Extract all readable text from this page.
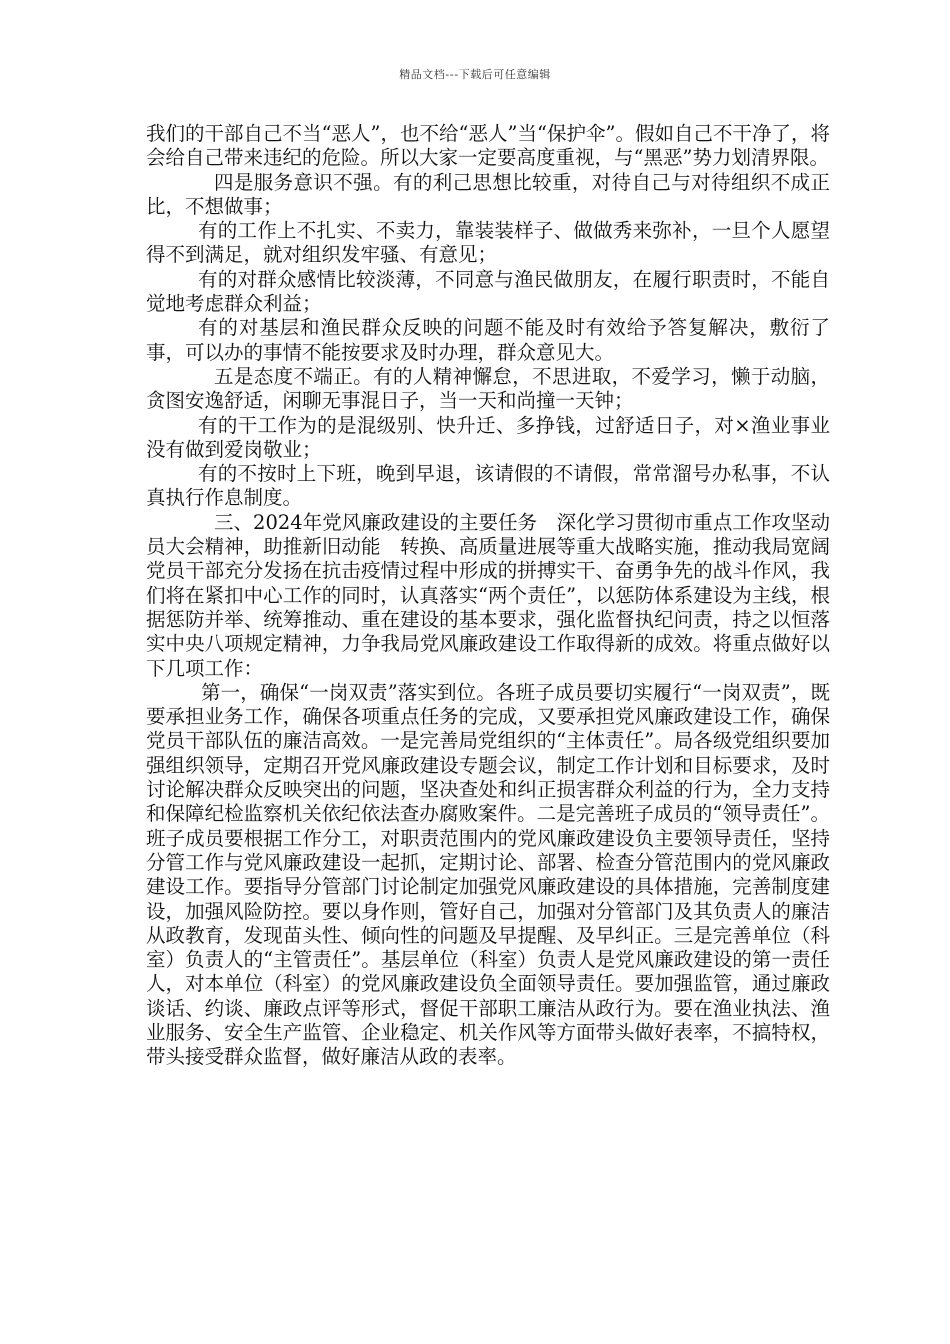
精品文档---下载后可任意编辑

我们的干部自己不当“恶人”，也不给“恶人”当“保护伞”。假如自己不干净了，将会给自己带来违纪的危险。所以大家一定要高度重视，与“黑恶”势力划清界限。

四是服务意识不强。有的利己思想比较重，对待自己与对待组织不成正比，不想做事；

有的工作上不扎实、不卖力，靠装装样子、做做秀来弥补，一旦个人愿望得不到满足，就对组织发牢骚、有意见；

有的对群众感情比较淡薄，不同意与渔民做朋友，在履行职责时，不能自觉地考虑群众利益；

有的对基层和渔民群众反映的问题不能及时有效给予答复解决，敷衍了事，可以办的事情不能按要求及时办理，群众意见大。

五是态度不端正。有的人精神懈怠，不思进取，不爱学习，懒于动脑，贪图安逸舒适，闲聊无事混日子，当一天和尚撞一天钟；

有的干工作为的是混级别、快升迁、多挣钱，过舒适日子，对×渔业事业没有做到爱岗敬业；

有的不按时上下班，晚到早退，该请假的不请假，常常溜号办私事，不认真执行作息制度。

三、2024年党风廉政建设的主要任务　深化学习贯彻市重点工作攻坚动员大会精神，助推新旧动能　转换、高质量进展等重大战略实施，推动我局宽阔党员干部充分发扬在抗击疫情过程中形成的拼搏实干、奋勇争先的战斗作风，我们将在紧扣中心工作的同时，认真落实“两个责任”，以惩防体系建设为主线，根据惩防并举、统筹推动、重在建设的基本要求，强化监督执纪问责，持之以恒落实中央八项规定精神，力争我局党风廉政建设工作取得新的成效。将重点做好以下几项工作：

第一，确保“一岗双责”落实到位。各班子成员要切实履行“一岗双责”，既要承担业务工作，确保各项重点任务的完成，又要承担党风廉政建设工作，确保党员干部队伍的廉洁高效。一是完善局党组织的“主体责任”。局各级党组织要加强组织领导，定期召开党风廉政建设专题会议，制定工作计划和目标要求，及时讨论解决群众反映突出的问题，坚决查处和纠正损害群众利益的行为，全力支持和保障纪检监察机关依纪依法查办腐败案件。二是完善班子成员的“领导责任”。班子成员要根据工作分工，对职责范围内的党风廉政建设负主要领导责任，坚持分管工作与党风廉政建设一起抓，定期讨论、部署、检查分管范围内的党风廉政建设工作。要指导分管部门讨论制定加强党风廉政建设的具体措施，完善制度建设，加强风险防控。要以身作则，管好自己，加强对分管部门及其负责人的廉洁从政教育，发现苗头性、倾向性的问题及早提醒、及早纠正。三是完善单位（科室）负责人的“主管责任”。基层单位（科室）负责人是党风廉政建设的第一责任人，对本单位（科室）的党风廉政建设负全面领导责任。要加强监管，通过廉政谈话、约谈、廉政点评等形式，督促干部职工廉洁从政行为。要在渔业执法、渔业服务、安全生产监管、企业稳定、机关作风等方面带头做好表率，不搞特权，带头接受群众监督，做好廉洁从政的表率。
